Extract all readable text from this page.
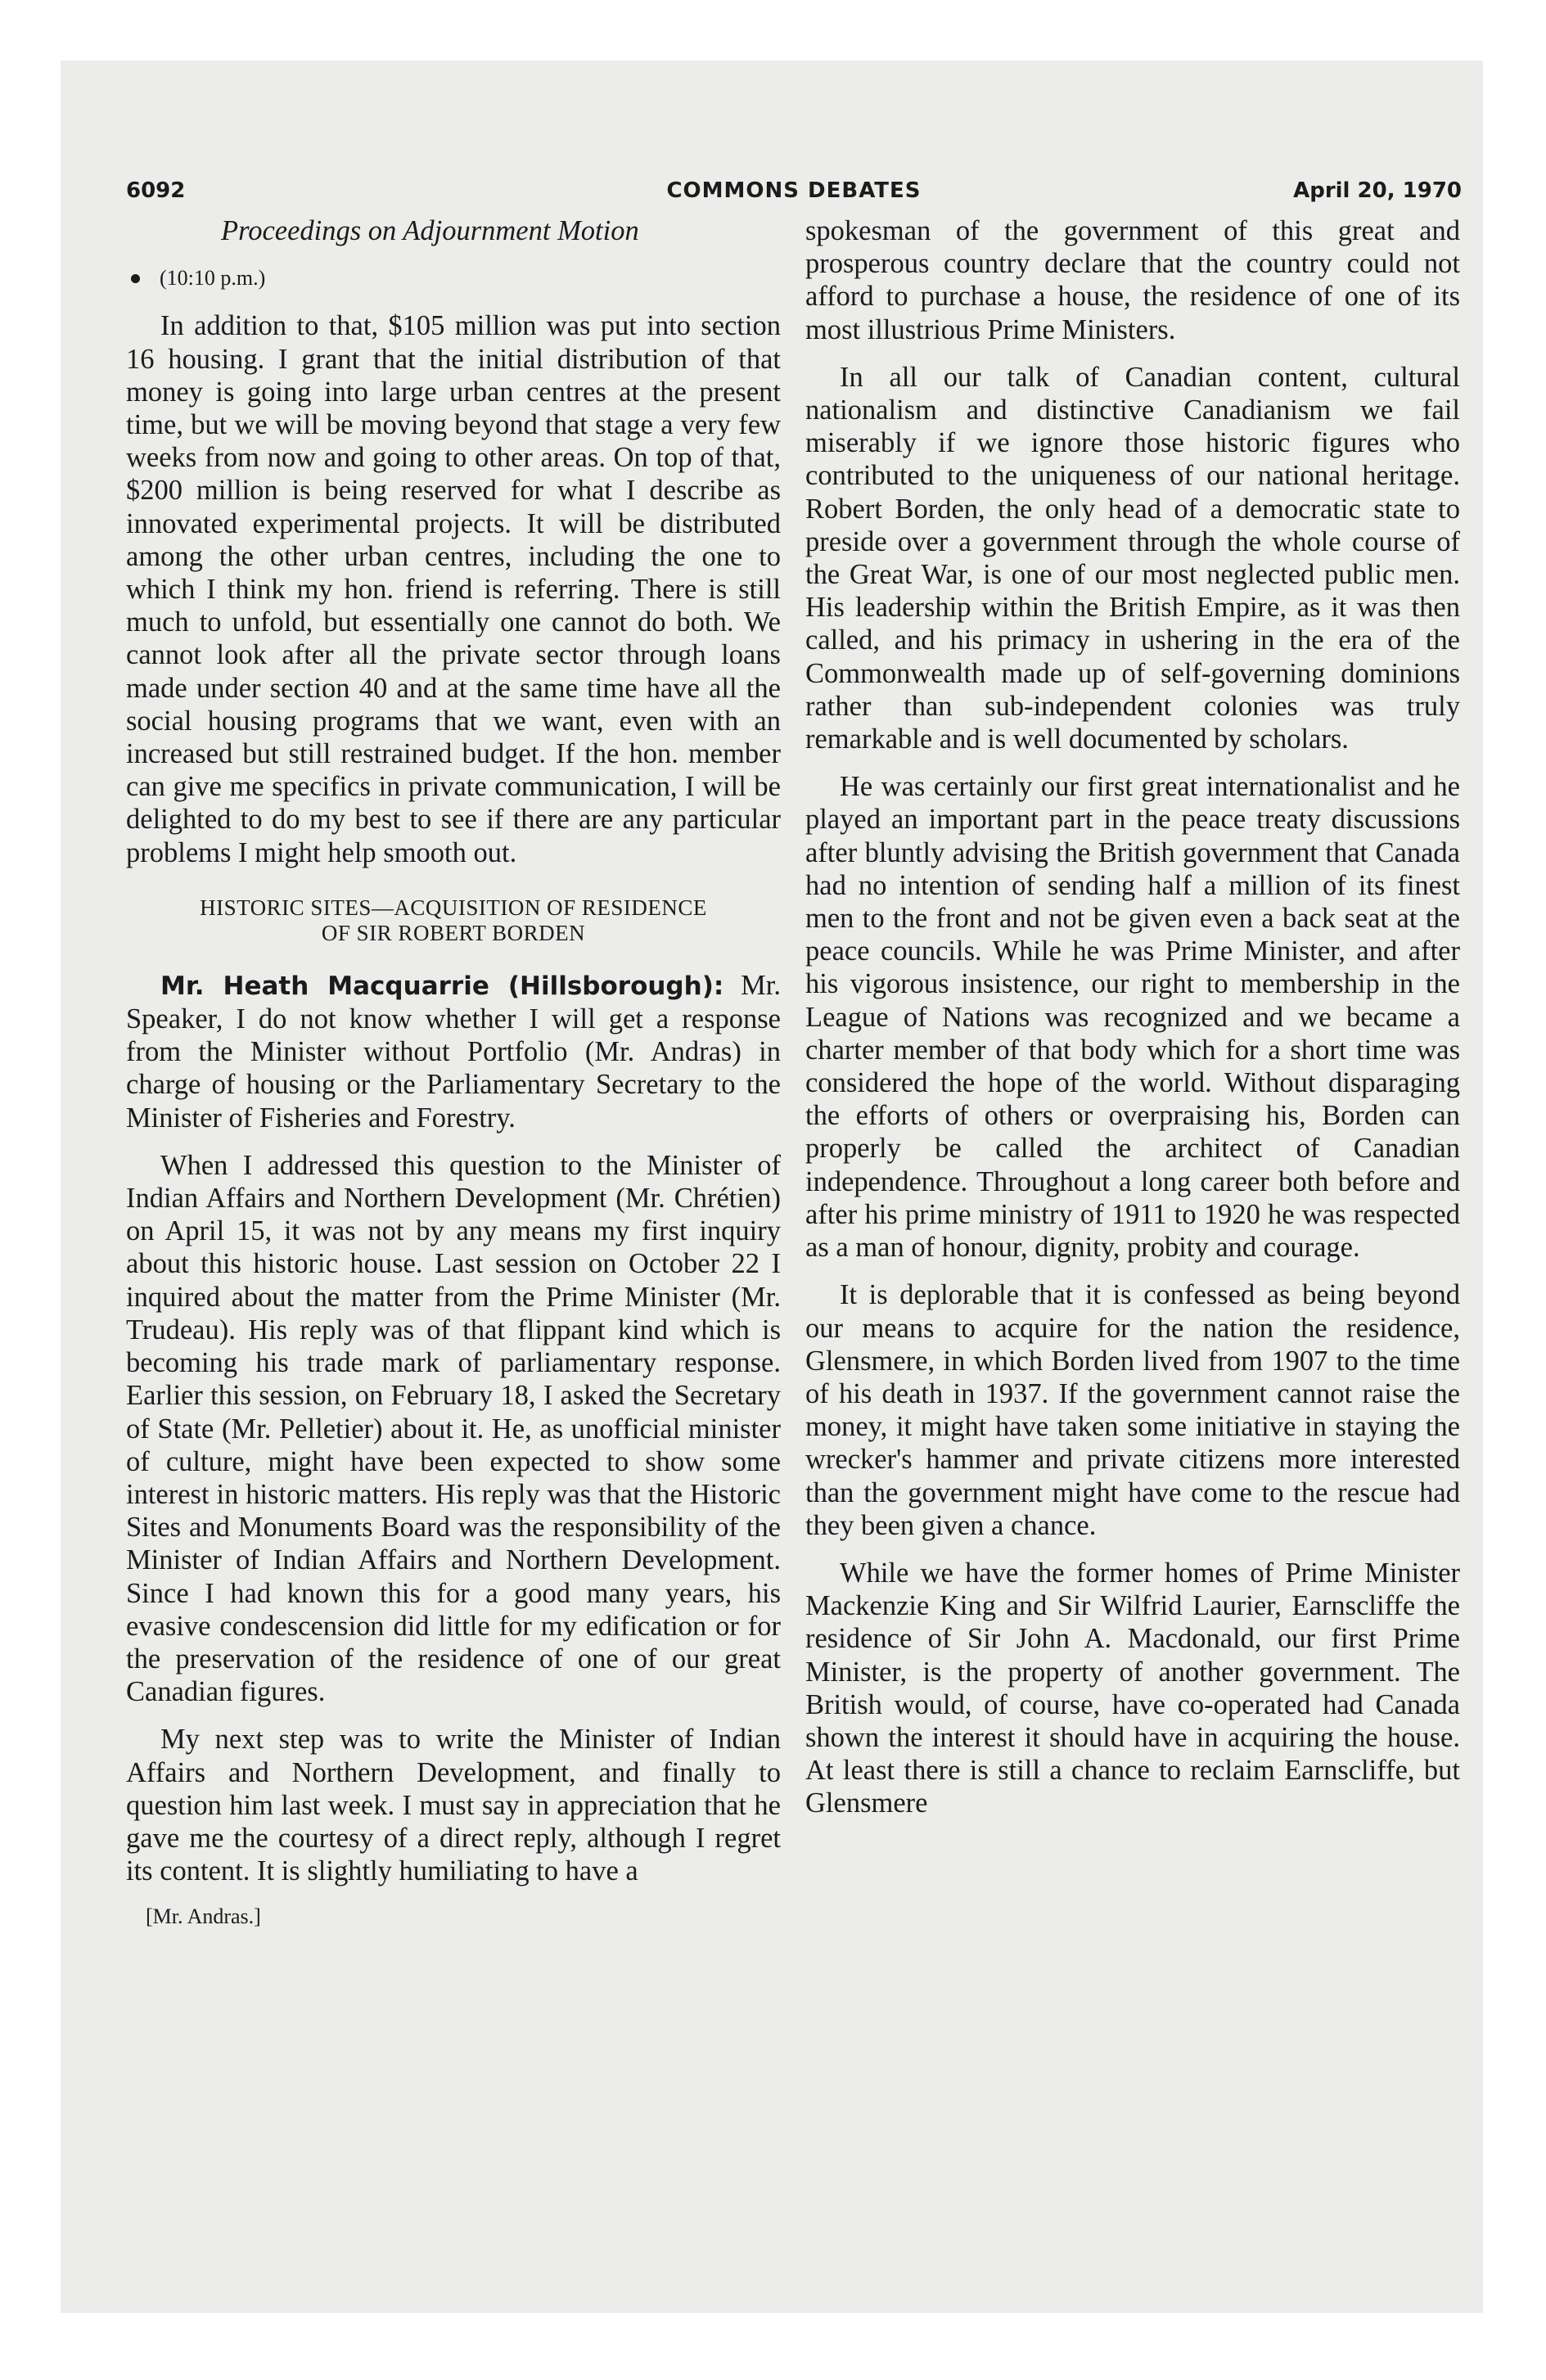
6092	COMMONS DEBATES	April 20, 1970

Proceedings on Adjournment Motion

(10:10 p.m.)

In addition to that, $105 million was put into section 16 housing. I grant that the initial distribution of that money is going into large urban centres at the present time, but we will be moving beyond that stage a very few weeks from now and going to other areas. On top of that, $200 million is being reserved for what I describe as innovated experimental projects. It will be distributed among the other urban centres, including the one to which I think my hon. friend is referring. There is still much to unfold, but essentially one cannot do both. We cannot look after all the private sector through loans made under section 40 and at the same time have all the social housing programs that we want, even with an increased but still restrained budget. If the hon. member can give me specifics in private communication, I will be delighted to do my best to see if there are any particular problems I might help smooth out.

HISTORIC SITES—ACQUISITION OF RESIDENCE
OF SIR ROBERT BORDEN

Mr. Heath Macquarrie (Hillsborough): Mr. Speaker, I do not know whether I will get a response from the Minister without Portfolio (Mr. Andras) in charge of housing or the Parliamentary Secretary to the Minister of Fisheries and Forestry.

When I addressed this question to the Minister of Indian Affairs and Northern Development (Mr. Chrétien) on April 15, it was not by any means my first inquiry about this historic house. Last session on October 22 I inquired about the matter from the Prime Minister (Mr. Trudeau). His reply was of that flippant kind which is becoming his trade mark of parliamentary response. Earlier this session, on February 18, I asked the Secretary of State (Mr. Pelletier) about it. He, as unofficial minister of culture, might have been expected to show some interest in historic matters. His reply was that the Historic Sites and Monuments Board was the responsibility of the Minister of Indian Affairs and Northern Development. Since I had known this for a good many years, his evasive condescension did little for my edification or for the preservation of the residence of one of our great Canadian figures.

My next step was to write the Minister of Indian Affairs and Northern Development, and finally to question him last week. I must say in appreciation that he gave me the courtesy of a direct reply, although I regret its content. It is slightly humiliating to have a

[Mr. Andras.]

spokesman of the government of this great and prosperous country declare that the country could not afford to purchase a house, the residence of one of its most illustrious Prime Ministers.

In all our talk of Canadian content, cultural nationalism and distinctive Canadianism we fail miserably if we ignore those historic figures who contributed to the uniqueness of our national heritage. Robert Borden, the only head of a democratic state to preside over a government through the whole course of the Great War, is one of our most neglected public men. His leadership within the British Empire, as it was then called, and his primacy in ushering in the era of the Commonwealth made up of self-governing dominions rather than sub-independent colonies was truly remarkable and is well documented by scholars.

He was certainly our first great internationalist and he played an important part in the peace treaty discussions after bluntly advising the British government that Canada had no intention of sending half a million of its finest men to the front and not be given even a back seat at the peace councils. While he was Prime Minister, and after his vigorous insistence, our right to membership in the League of Nations was recognized and we became a charter member of that body which for a short time was considered the hope of the world. Without disparaging the efforts of others or overpraising his, Borden can properly be called the architect of Canadian independence. Throughout a long career both before and after his prime ministry of 1911 to 1920 he was respected as a man of honour, dignity, probity and courage.

It is deplorable that it is confessed as being beyond our means to acquire for the nation the residence, Glensmere, in which Borden lived from 1907 to the time of his death in 1937. If the government cannot raise the money, it might have taken some initiative in staying the wrecker's hammer and private citizens more interested than the government might have come to the rescue had they been given a chance.

While we have the former homes of Prime Minister Mackenzie King and Sir Wilfrid Laurier, Earnscliffe the residence of Sir John A. Macdonald, our first Prime Minister, is the property of another government. The British would, of course, have co-operated had Canada shown the interest it should have in acquiring the house. At least there is still a chance to reclaim Earnscliffe, but Glensmere
